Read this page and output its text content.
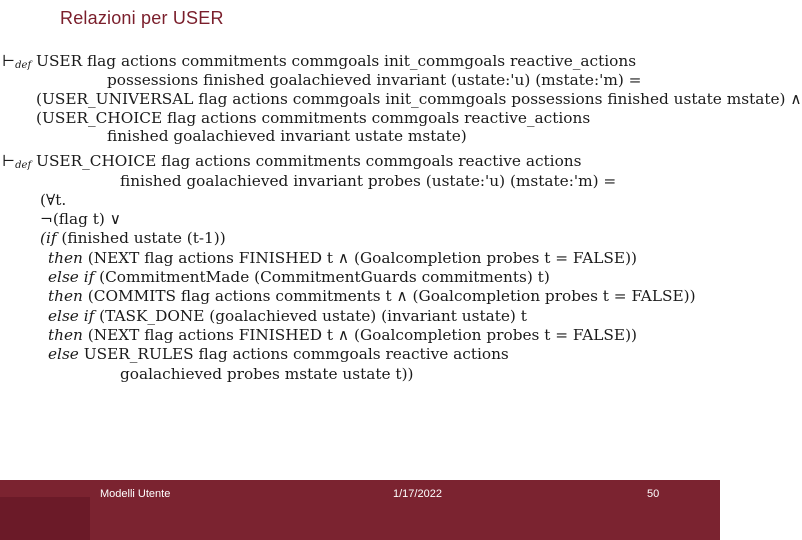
Relazioni per USER
$⊢_{def}$ USER flag actions commitments commgoals init_commgoals reactive_actions
possessions finished goalachieved invariant (ustate:'u) (mstate:'m) =
(USER_UNIVERSAL flag actions commgoals init_commgoals possessions finished ustate mstate) ∧
(USER_CHOICE flag actions commitments commgoals reactive_actions
finished goalachieved invariant ustate mstate)
$⊢_{def}$ USER_CHOICE flag actions commitments commgoals reactive actions
finished goalachieved invariant probes (ustate:'u) (mstate:'m) =
(∀t.
¬(flag t) ∨
(if (finished ustate (t-1))
then (NEXT flag actions FINISHED t ∧ (Goalcompletion probes t = FALSE))
else if (CommitmentMade (CommitmentGuards commitments) t)
then (COMMITS flag actions commitments t ∧ (Goalcompletion probes t = FALSE))
else if (TASK_DONE (goalachieved ustate) (invariant ustate) t
then (NEXT flag actions FINISHED t ∧ (Goalcompletion probes t = FALSE))
else USER_RULES flag actions commgoals reactive actions
goalachieved probes mstate ustate t))
Modelli Utente	1/17/2022	50
